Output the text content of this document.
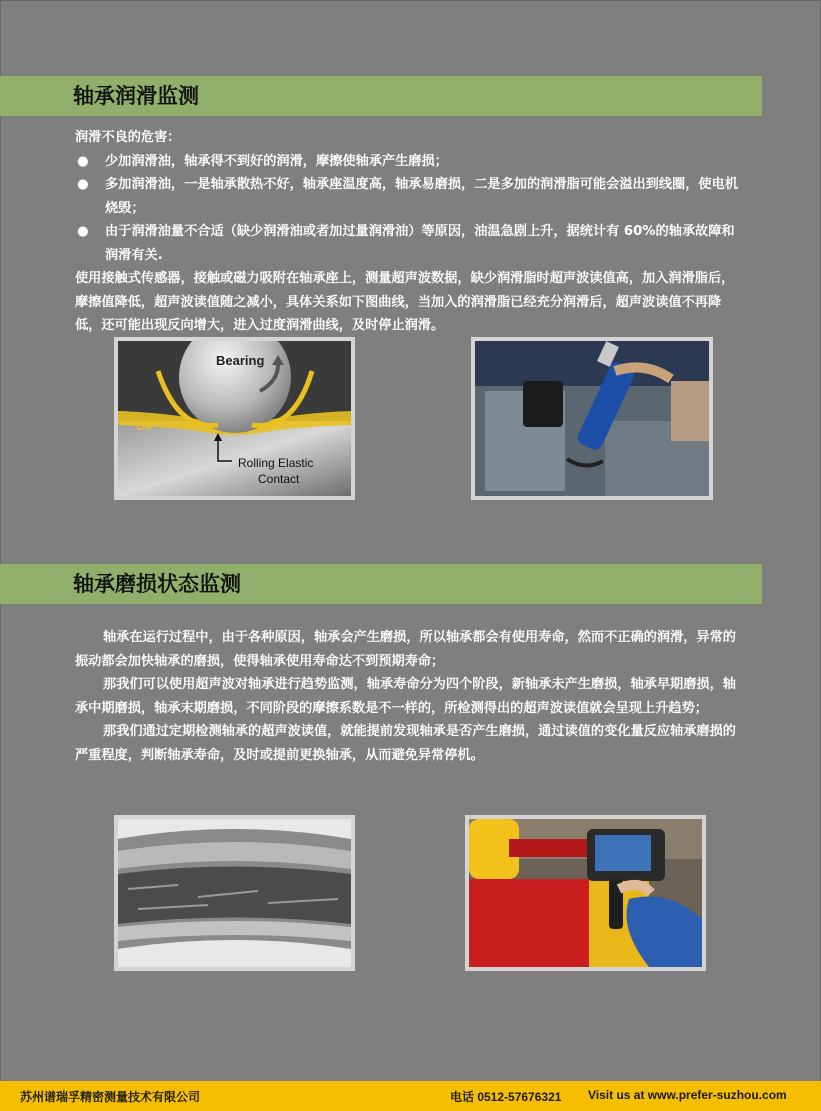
轴承润滑监测
润滑不良的危害：
● 少加润滑油，轴承得不到好的润滑，摩擦使轴承产生磨损；
● 多加润滑油，一是轴承散热不好，轴承座温度高，轴承易磨损，二是多加的润滑脂可能会溢出到线圈，使电机烧毁；
● 由于润滑油量不合适（缺少润滑油或者加过量润滑油）等原因，油温急剧上升，据统计有 60%的轴承故障和润滑有关.
使用接触式传感器，接触或磁力吸附在轴承座上，测量超声波数据，缺少润滑脂时超声波读值高，加入润滑脂后，摩擦值降低，超声波读值随之减小，具体关系如下图曲线，当加入的润滑脂已经充分润滑后，超声波读值不再降低，还可能出现反向增大，进入过度润滑曲线，及时停止润滑。
Bearing
Oil
Rolling Elastic
Contact
轴承磨损状态监测
轴承在运行过程中，由于各种原因，轴承会产生磨损，所以轴承都会有使用寿命，然而不正确的润滑，异常的振动都会加快轴承的磨损，使得轴承使用寿命达不到预期寿命；
那我们可以使用超声波对轴承进行趋势监测，轴承寿命分为四个阶段，新轴承未产生磨损，轴承早期磨损，轴承中期磨损，轴承末期磨损，不同阶段的摩擦系数是不一样的，所检测得出的超声波读值就会呈现上升趋势；
那我们通过定期检测轴承的超声波读值，就能提前发现轴承是否产生磨损，通过读值的变化量反应轴承磨损的严重程度，判断轴承寿命，及时或提前更换轴承，从而避免异常停机。
苏州谱瑞孚精密测量技术有限公司	电话 0512-57676321 Visit us at www.prefer-suzhou.com
